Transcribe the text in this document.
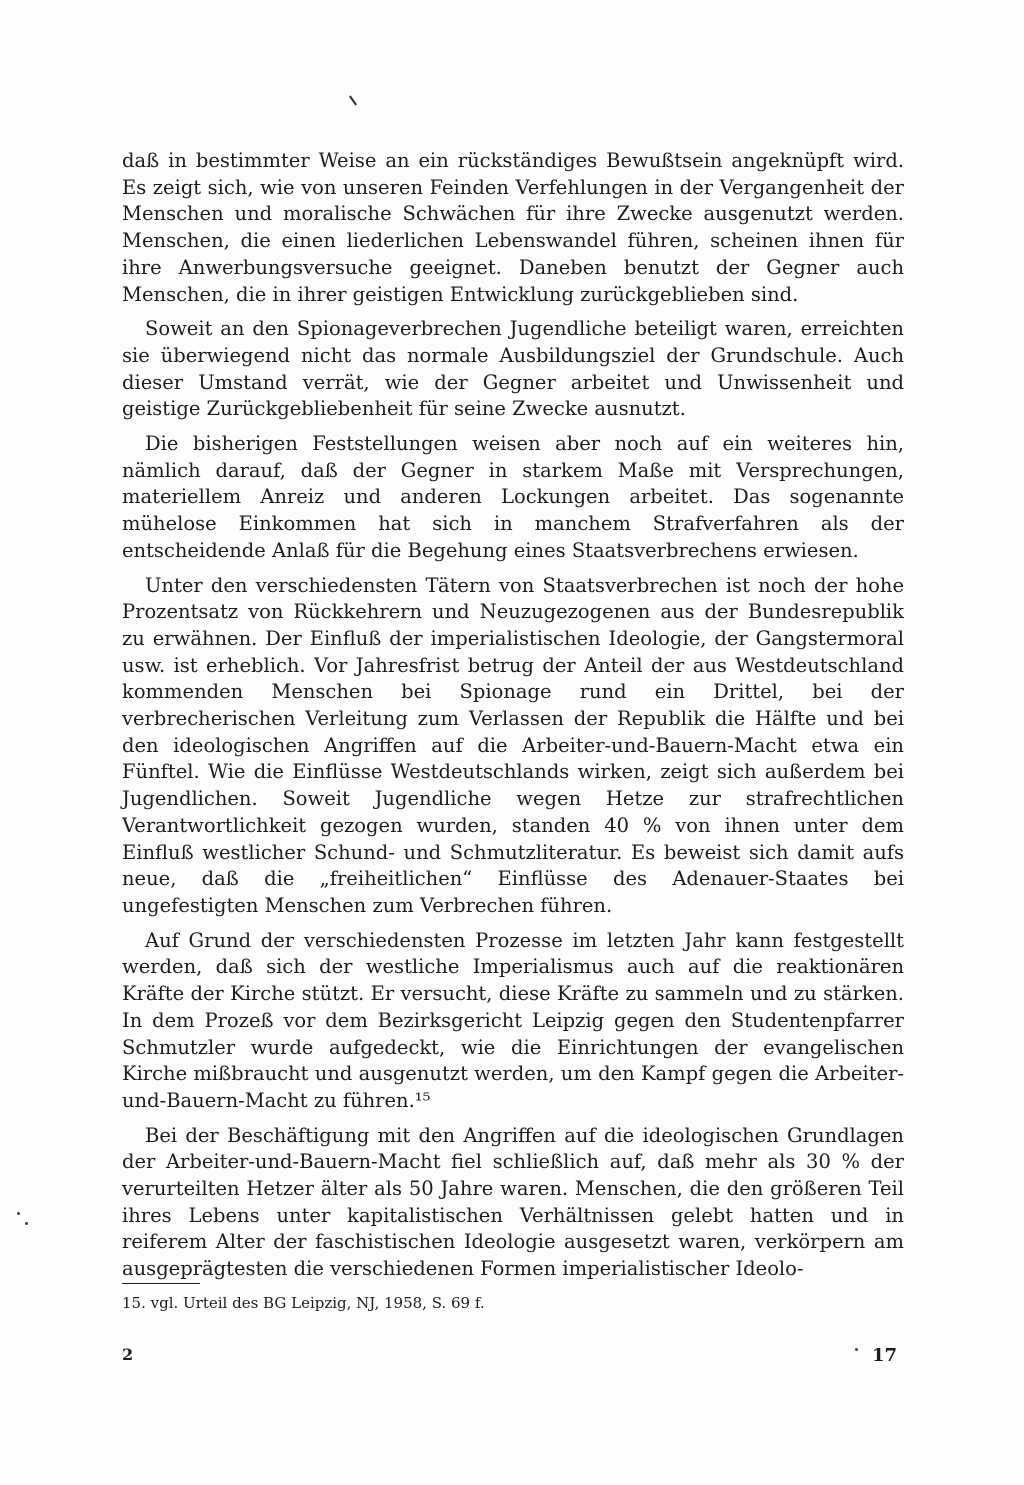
daß in bestimmter Weise an ein rückständiges Bewußtsein angeknüpft wird. Es zeigt sich, wie von unseren Feinden Verfehlungen in der Vergangenheit der Menschen und moralische Schwächen für ihre Zwecke ausgenutzt werden. Menschen, die einen liederlichen Lebenswandel führen, scheinen ihnen für ihre Anwerbungsversuche geeignet. Daneben benutzt der Gegner auch Menschen, die in ihrer geistigen Entwicklung zurückgeblieben sind.

Soweit an den Spionageverbrechen Jugendliche beteiligt waren, erreichten sie überwiegend nicht das normale Ausbildungsziel der Grundschule. Auch dieser Umstand verrät, wie der Gegner arbeitet und Unwissenheit und geistige Zurückgebliebenheit für seine Zwecke ausnutzt.

Die bisherigen Feststellungen weisen aber noch auf ein weiteres hin, nämlich darauf, daß der Gegner in starkem Maße mit Versprechungen, materiellem Anreiz und anderen Lockungen arbeitet. Das sogenannte mühelose Einkommen hat sich in manchem Strafverfahren als der entscheidende Anlaß für die Begehung eines Staatsverbrechens erwiesen.

Unter den verschiedensten Tätern von Staatsverbrechen ist noch der hohe Prozentsatz von Rückkehrern und Neuzugezogenen aus der Bundesrepublik zu erwähnen. Der Einfluß der imperialistischen Ideologie, der Gangstermoral usw. ist erheblich. Vor Jahresfrist betrug der Anteil der aus Westdeutschland kommenden Menschen bei Spionage rund ein Drittel, bei der verbrecherischen Verleitung zum Verlassen der Republik die Hälfte und bei den ideologischen Angriffen auf die Arbeiter-und-Bauern-Macht etwa ein Fünftel. Wie die Einflüsse Westdeutschlands wirken, zeigt sich außerdem bei Jugendlichen. Soweit Jugendliche wegen Hetze zur strafrechtlichen Verantwortlichkeit gezogen wurden, standen 40 % von ihnen unter dem Einfluß westlicher Schund- und Schmutzliteratur. Es beweist sich damit aufs neue, daß die „freiheitlichen“ Einflüsse des Adenauer-Staates bei ungefestigten Menschen zum Verbrechen führen.

Auf Grund der verschiedensten Prozesse im letzten Jahr kann festgestellt werden, daß sich der westliche Imperialismus auch auf die reaktionären Kräfte der Kirche stützt. Er versucht, diese Kräfte zu sammeln und zu stärken. In dem Prozeß vor dem Bezirksgericht Leipzig gegen den Studentenpfarrer Schmutzler wurde aufgedeckt, wie die Einrichtungen der evangelischen Kirche mißbraucht und ausgenutzt werden, um den Kampf gegen die Arbeiter-und-Bauern-Macht zu führen.¹⁵

Bei der Beschäftigung mit den Angriffen auf die ideologischen Grundlagen der Arbeiter-und-Bauern-Macht fiel schließlich auf, daß mehr als 30 % der verurteilten Hetzer älter als 50 Jahre waren. Menschen, die den größeren Teil ihres Lebens unter kapitalistischen Verhältnissen gelebt hatten und in reiferem Alter der faschistischen Ideologie ausgesetzt waren, verkörpern am ausgeprägtesten die verschiedenen Formen imperialistischer Ideolo-

15. vgl. Urteil des BG Leipzig, NJ, 1958, S. 69 f.
2	17
